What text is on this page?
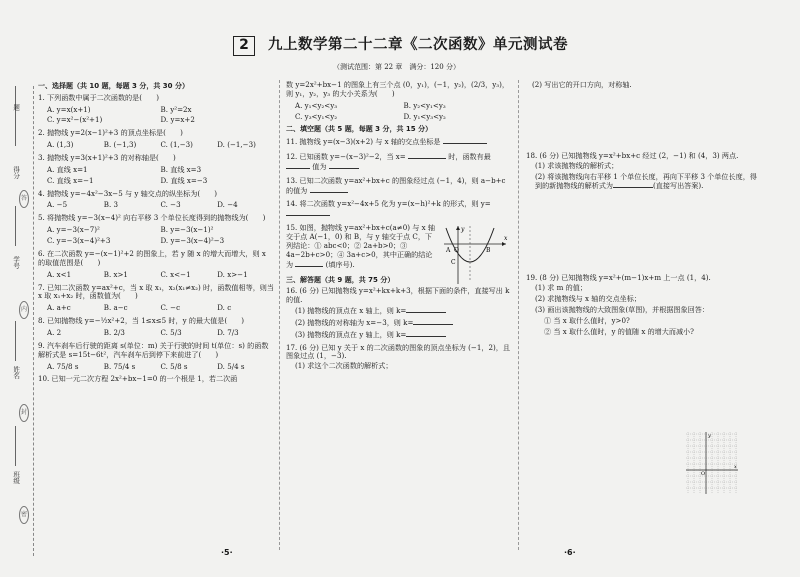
题
得分
答
学号
内
姓名
封
班级
密
2	九上数学第二十二章《二次函数》单元测试卷
（测试范围：第 22 章　满分：120 分）
一、选择题（共 10 题，每题 3 分，共 30 分）
1. 下列函数中属于二次函数的是(　　)
A. y=x(x+1)	B. y²=2x
C. y=x²−(x²+1)	D. y=x+2
2. 抛物线 y=2(x−1)²+3 的顶点坐标是(　　)
A. (1,3)	B. (−1,3)	C. (1,−3)	D. (−1,−3)
3. 抛物线 y=3(x+1)²+3 的对称轴是(　　)
A. 直线 x=1	B. 直线 x=3
C. 直线 x=−1	D. 直线 x=−3
4. 抛物线 y=−4x²−3x−5 与 y 轴交点的纵坐标为(　　)
A. −5	B. 3	C. −3	D. −4
5. 将抛物线 y=−3(x−4)² 向右平移 3 个单位长度得到的抛物线为(　　)
A. y=−3(x−7)²	B. y=−3(x−1)²
C. y=−3(x−4)²+3	D. y=−3(x−4)²−3
6. 在二次函数 y=−(x−1)²+2 的图象上，若 y 随 x 的增大而增大，则 x 的取值范围是(　　)
A. x<1	B. x>1	C. x<−1	D. x>−1
7. 已知二次函数 y=ax²+c，当 x 取 x₁，x₂(x₁≠x₂) 时，函数值相等，则当 x 取 x₁+x₂ 时，函数值为(　　)
A. a+c	B. a−c	C. −c	D. c
8. 已知抛物线 y=−½x²+2，当 1≤x≤5 时，y 的最大值是(　　)
A. 2	B. 2/3	C. 5/3	D. 7/3
9. 汽车刹车后行驶的距离 s(单位：m) 关于行驶的时间 t(单位：s) 的函数解析式是 s=15t−6t²，汽车刹车后到停下来前进了(　　)
A. 75/8 s	B. 75/4 s	C. 5/8 s	D. 5/4 s
10. 已知一元二次方程 2x²+bx−1=0 的一个根是 1，若二次函
数 y=2x²+bx−1 的图象上有三个点 (0，y₁)，(−1，y₂)，(2/3，y₃)，则 y₁，y₂，y₃ 的大小关系为(　　)
A. y₁<y₂<y₃	B. y₂<y₁<y₃
C. y₃<y₁<y₂	D. y₁<y₃<y₂
二、填空题（共 5 题，每题 3 分，共 15 分）
11. 抛物线 y=(x−3)(x+2) 与 x 轴的交点坐标是
12. 已知函数 y=−(x−3)²−2，当 x=	时，函数有最  值为
13. 已知二次函数 y=ax²+bx+c 的图象经过点 (−1，4)，则 a−b+c 的值为
14. 将二次函数 y=x²−4x+5 化为 y=(x−h)²+k 的形式，则 y=
15. 如图，抛物线 y=ax²+bx+c(a≠0) 与 x 轴交于点 A(−1，0) 和 B，与 y 轴交于点 C，下列结论：① abc<0；② 2a+b>0；③ 4a−2b+c>0；④ 3a+c>0，其中正确的结论为	(填序号).
x
y
A O	B
C
三、解答题（共 9 题，共 75 分）
16. (6 分) 已知抛物线 y=x²+kx+k+3，根据下面的条件，直接写出 k 的值.
(1) 抛物线的顶点在 x 轴上，则 k=
(2) 抛物线的对称轴为 x=−3，则 k=
(3) 抛物线的顶点在 y 轴上，则 k=
17. (6 分) 已知 y 关于 x 的二次函数的图象的顶点坐标为 (−1，2)，且图象过点 (1，−3).
(1) 求这个二次函数的解析式；
(2) 写出它的开口方向，对称轴.
18. (6 分) 已知抛物线 y=x²+bx+c 经过 (2，−1) 和 (4，3) 两点.
(1) 求该抛物线的解析式；
(2) 将该抛物线向右平移 1 个单位长度，再向下平移 3 个单位长度，得到的新抛物线的解析式为	(直接写出答案).
19. (8 分) 已知抛物线 y=x²+(m−1)x+m 上一点 (1，4).
(1) 求 m 的值；
(2) 求抛物线与 x 轴的交点坐标；
(3) 画出该抛物线的大致图象(草图)，并根据图象回答：
① 当 x 取什么值时，y>0?
② 当 x 取什么值时，y 的值随 x 的增大而减小?
x
y
O
·5·	·6·
